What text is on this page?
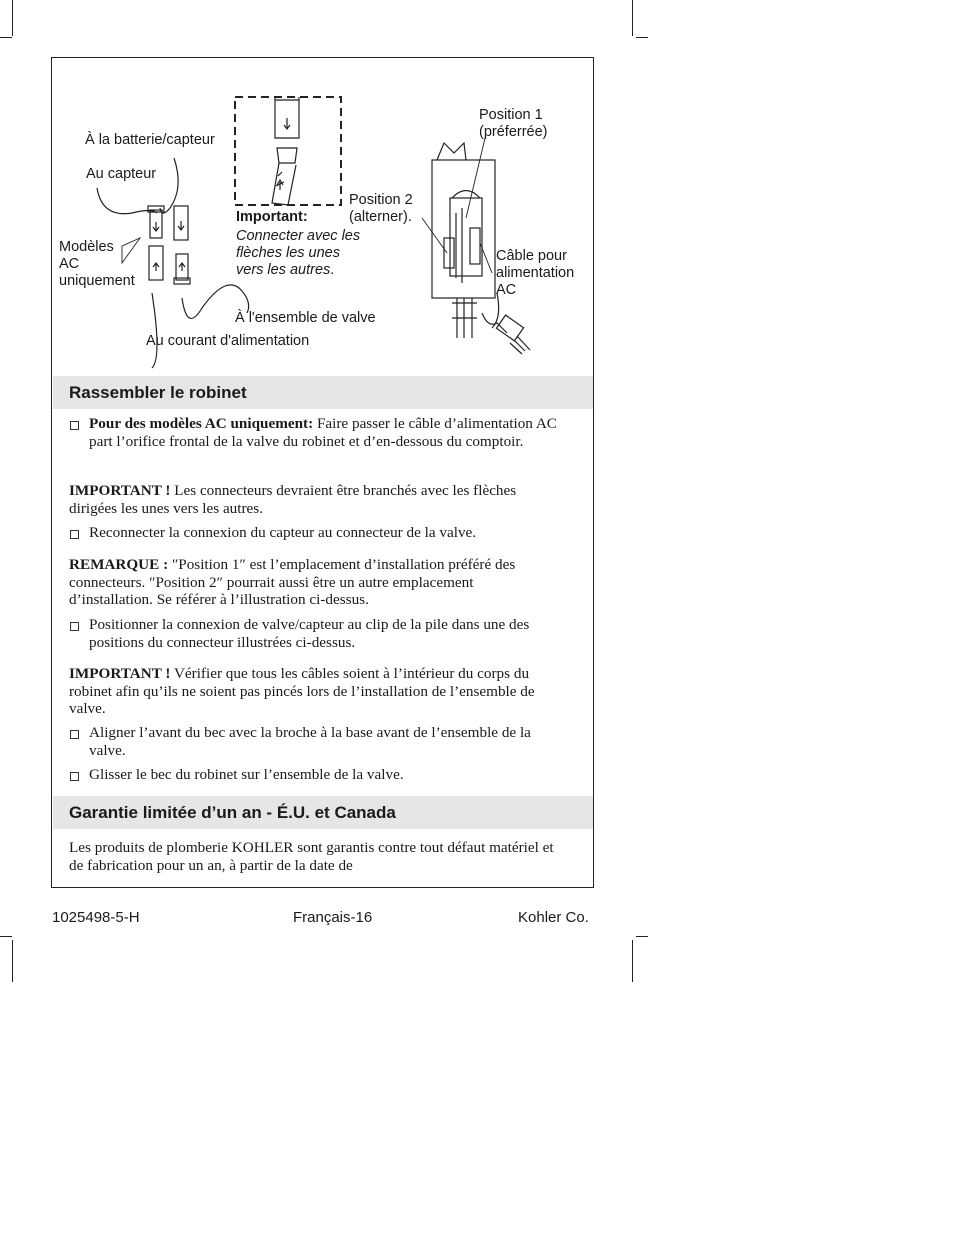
À la batterie/capteur
Au capteur
Modèles
AC
uniquement
Important:
Connecter avec les
flèches les unes
vers les autres.
À l'ensemble de valve
Au courant d'alimentation
Position 1
(préferrée)
Position 2
(alterner).
Câble pour
alimentation
AC
Rassembler le robinet
Pour des modèles AC uniquement: Faire passer le câble d’alimentation AC part l’orifice frontal de la valve du robinet et d’en-dessous du comptoir.
IMPORTANT ! Les connecteurs devraient être branchés avec les flèches dirigées les unes vers les autres.
Reconnecter la connexion du capteur au connecteur de la valve.
REMARQUE : ″Position 1″ est l’emplacement d’installation préféré des connecteurs. ″Position 2″ pourrait aussi être un autre emplacement d’installation. Se référer à l’illustration ci-dessus.
Positionner la connexion de valve/capteur au clip de la pile dans une des positions du connecteur illustrées ci-dessus.
IMPORTANT ! Vérifier que tous les câbles soient à l’intérieur du corps du robinet afin qu’ils ne soient pas pincés lors de l’installation de l’ensemble de valve.
Aligner l’avant du bec avec la broche à la base avant de l’ensemble de la valve.
Glisser le bec du robinet sur l’ensemble de la valve.
Garantie limitée d’un an - É.U. et Canada
Les produits de plomberie KOHLER sont garantis contre tout défaut matériel et de fabrication pour un an, à partir de la date de
1025498-5-H	Français-16	Kohler Co.
